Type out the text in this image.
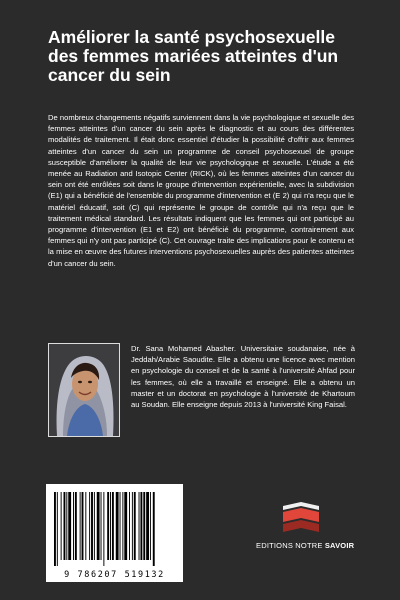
Améliorer la santé psychosexuelle des femmes mariées atteintes d'un cancer du sein

De nombreux changements négatifs surviennent dans la vie psychologique et sexuelle des femmes atteintes d'un cancer du sein après le diagnostic et au cours des différentes modalités de traitement. Il était donc essentiel d'étudier la possibilité d'offrir aux femmes atteintes d'un cancer du sein un programme de conseil psychosexuel de groupe susceptible d'améliorer la qualité de leur vie psychologique et sexuelle. L'étude a été menée au Radiation and Isotopic Center (RICK), où les femmes atteintes d'un cancer du sein ont été enrôlées soit dans le groupe d'intervention expérientielle, avec la subdivision (E1) qui a bénéficié de l'ensemble du programme d'intervention et (E 2) qui n'a reçu que le matériel éducatif, soit (C) qui représente le groupe de contrôle qui n'a reçu que le traitement médical standard. Les résultats indiquent que les femmes qui ont participé au programme d'intervention (E1 et E2) ont bénéficié du programme, contrairement aux femmes qui n'y ont pas participé (C). Cet ouvrage traite des implications pour le contenu et la mise en œuvre des futures interventions psychosexuelles auprès des patientes atteintes d'un cancer du sein.

Dr. Sana Mohamed Abasher. Universitaire soudanaise, née à Jeddah/Arabie Saoudite. Elle a obtenu une licence avec mention en psychologie du conseil et de la santé à l'université Ahfad pour les femmes, où elle a travaillé et enseigné. Elle a obtenu un master et un doctorat en psychologie à l'université de Khartoum au Soudan. Elle enseigne depuis 2013 à l'université King Faisal.

9 786207 519132
EDITIONS NOTRE SAVOIR
